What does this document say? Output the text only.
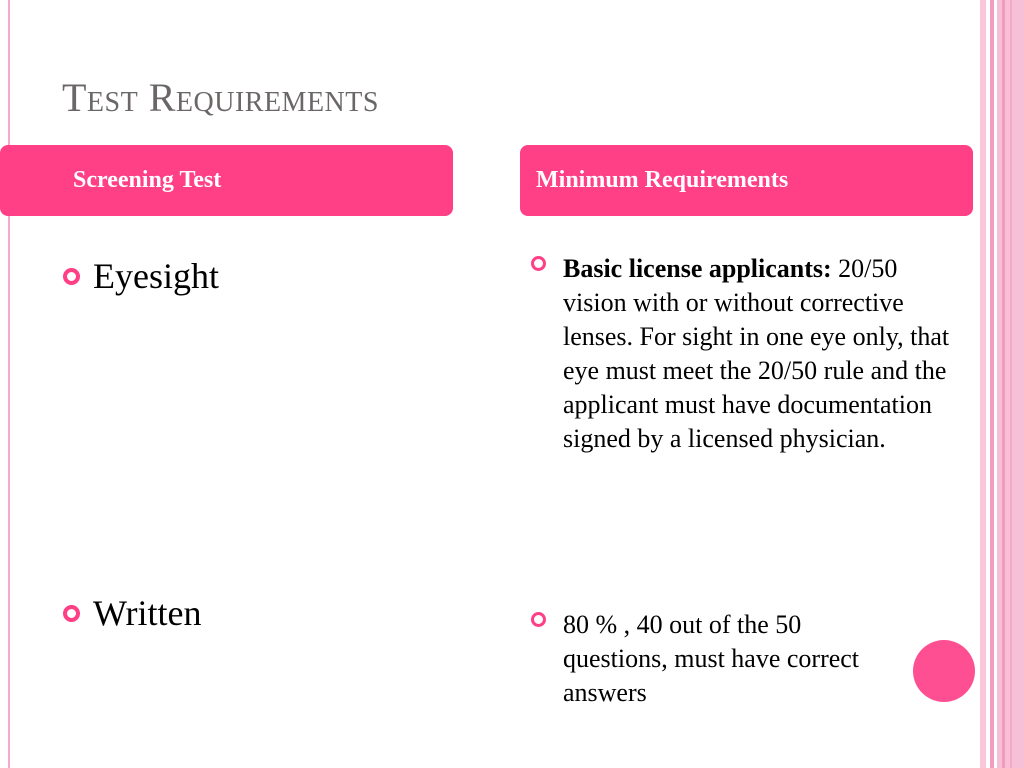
Test Requirements
Screening Test	Minimum Requirements
Eyesight
Written
Basic license applicants: 20/50 vision with or without corrective lenses. For sight in one eye only, that eye must meet the 20/50 rule and the applicant must have documentation signed by a licensed physician.
80 % , 40 out of the 50 questions, must have correct answers
